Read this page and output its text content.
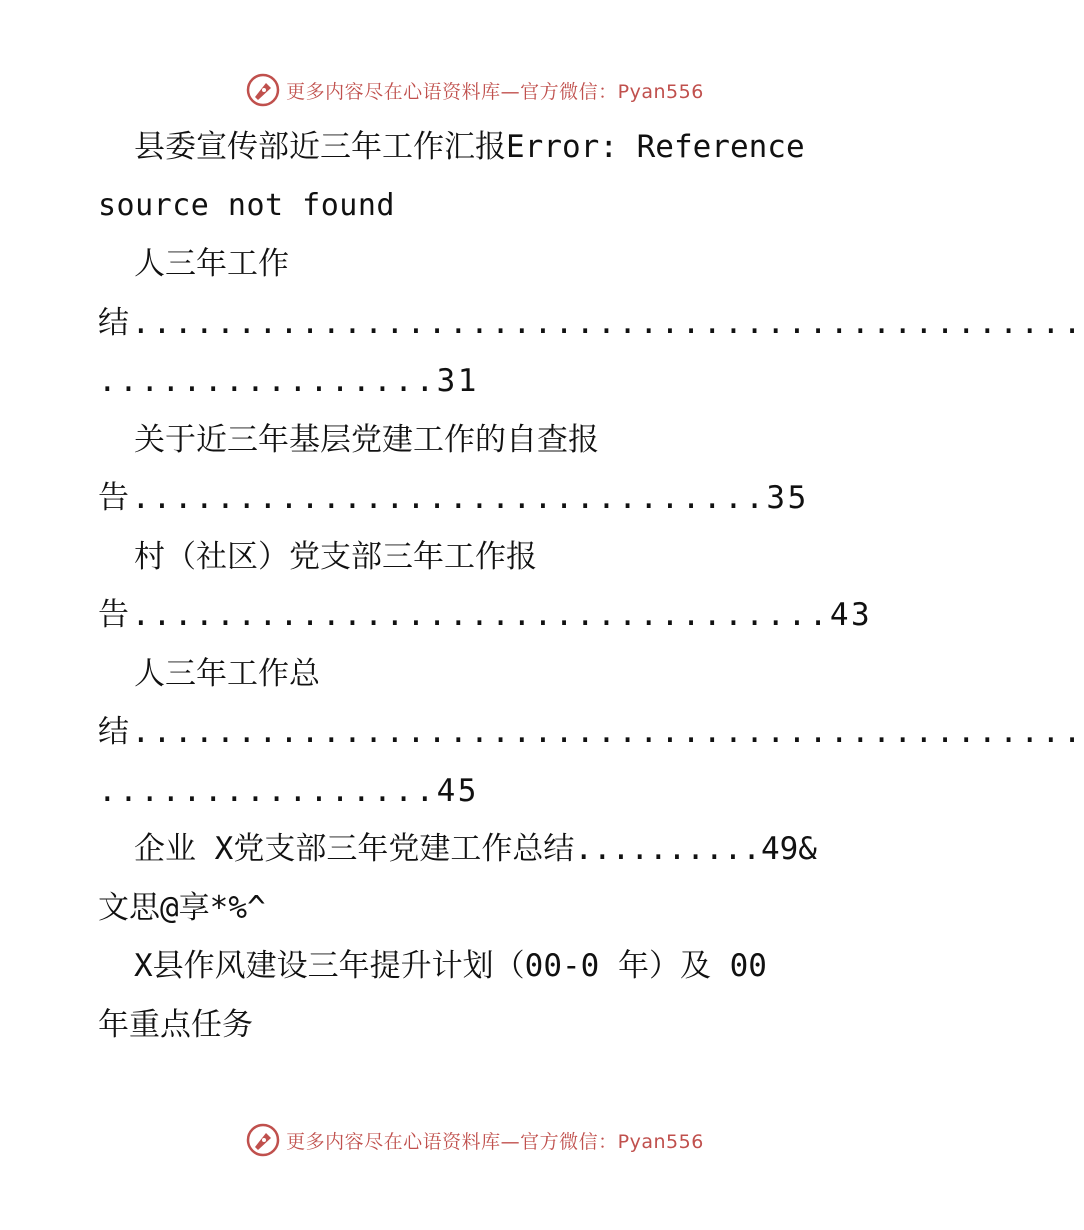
更多内容尽在心语资料库—官方微信：Pyan556
县委宣传部近三年工作汇报Error: Reference
source not found
人三年工作
结.............................................
................31
关于近三年基层党建工作的自查报
告..............................35
村（社区）党支部三年工作报
告.................................43
人三年工作总
结.............................................
................45
企业 X党支部三年党建工作总结..........49&
文思@享*%^
X县作风建设三年提升计划（00-0 年）及 00
年重点任务
更多内容尽在心语资料库—官方微信：Pyan556
